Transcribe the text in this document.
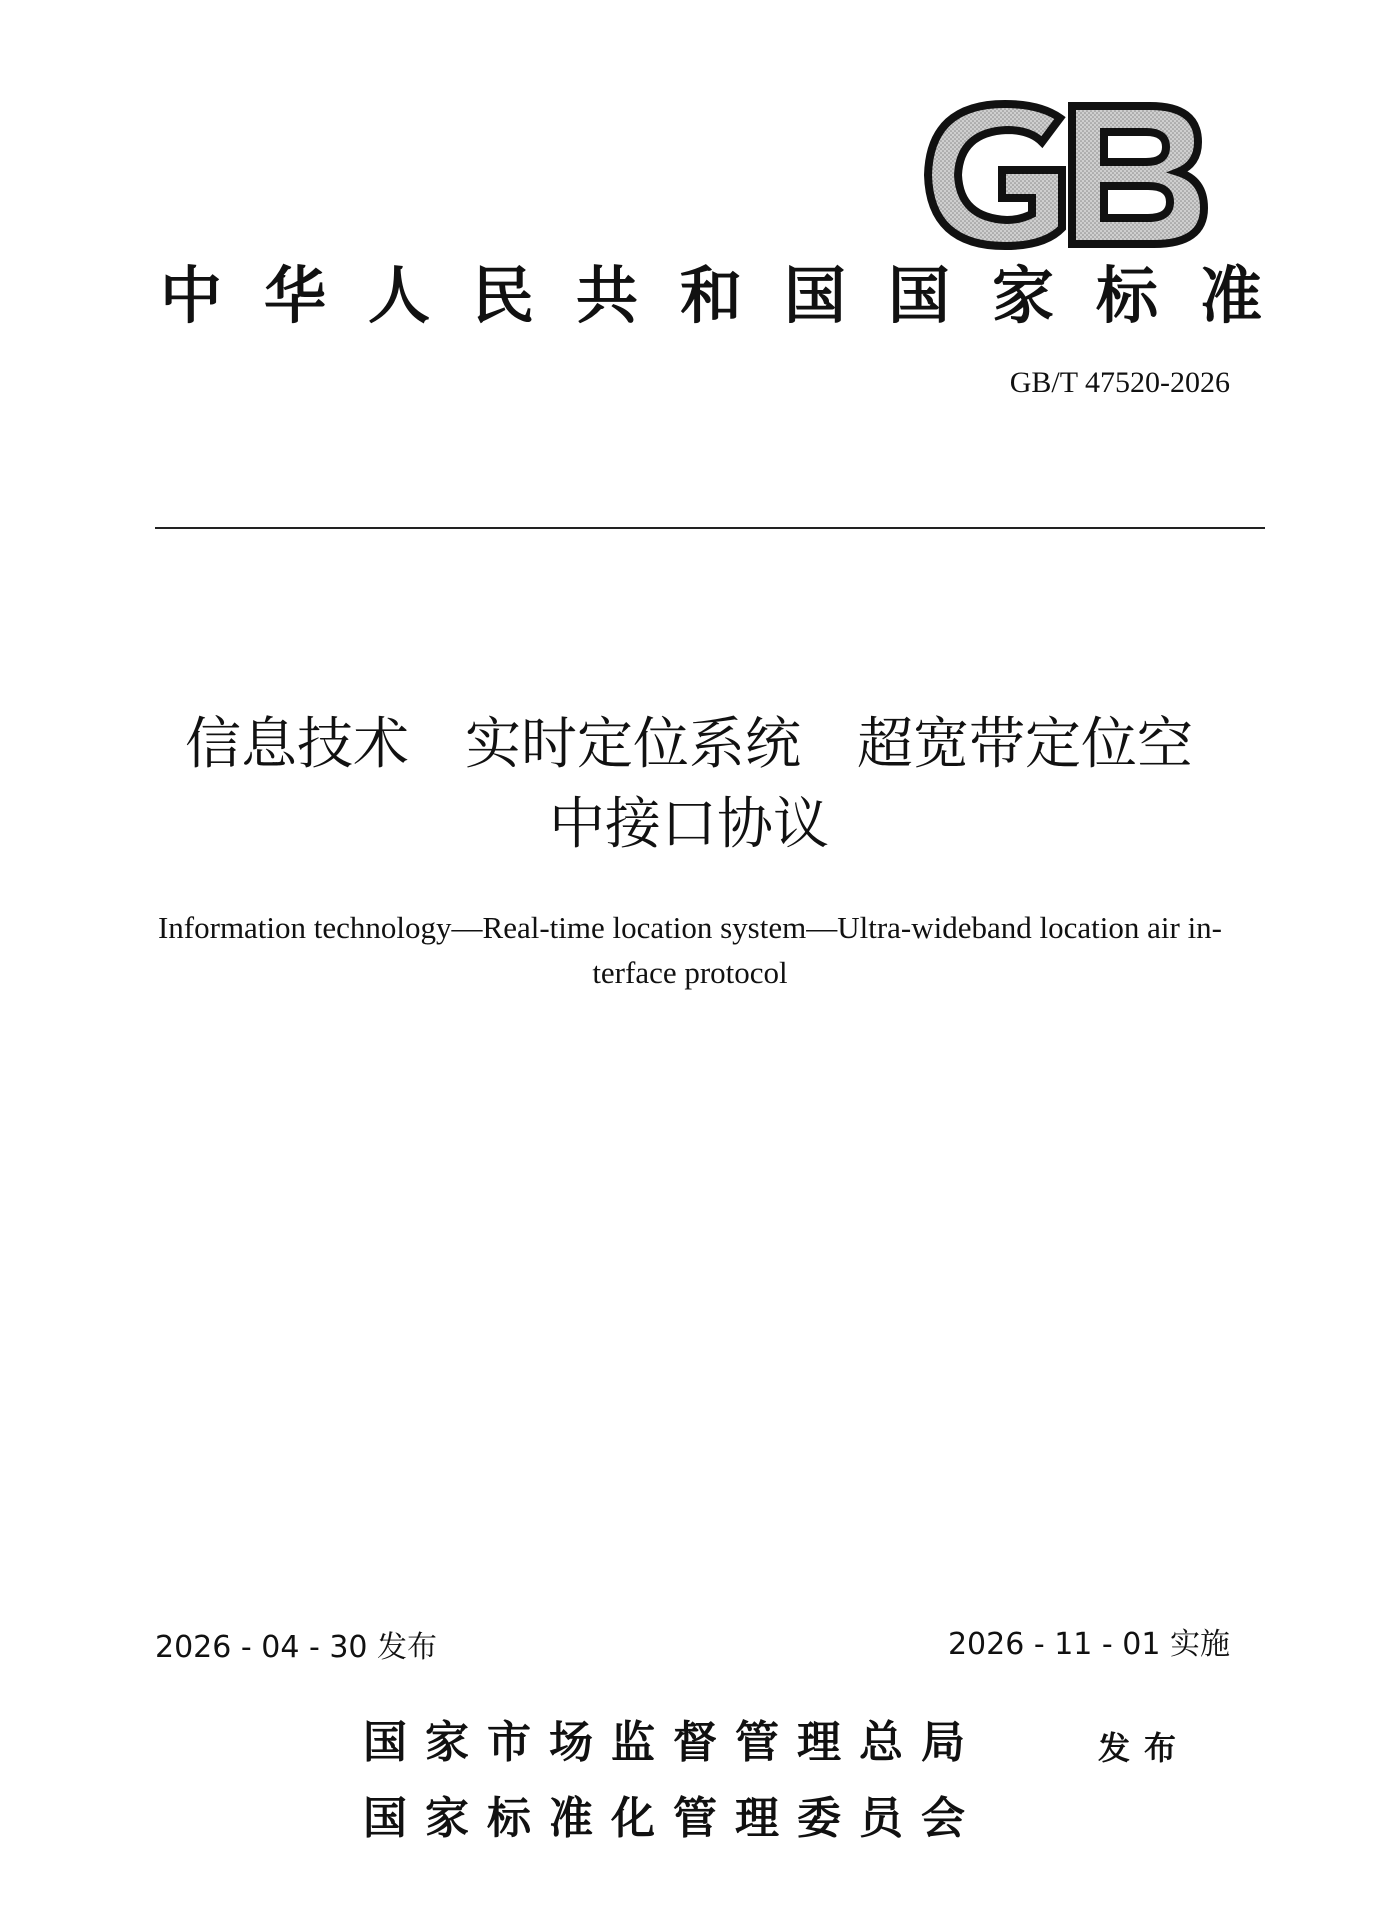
中华人民共和国国家标准
GB/T 47520-2026
信息技术　实时定位系统　超宽带定位空
中接口协议
Information technology—Real-time location system—Ultra-wideband location air in-
terface protocol
2026 - 04 - 30 发布	2026 - 11 - 01 实施
国家市场监督管理总局
国家标准化管理委员会
发布
